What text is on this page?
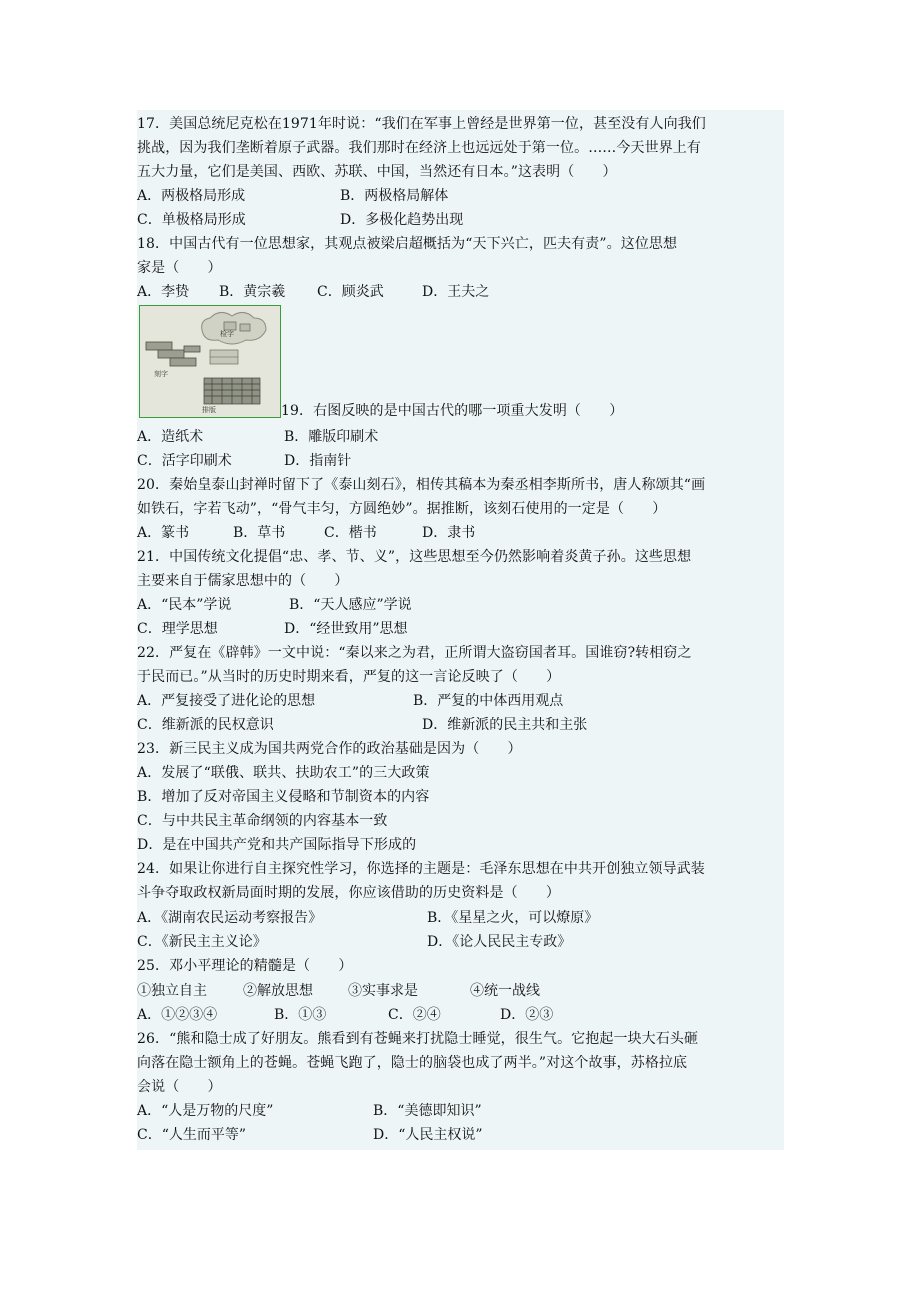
17．美国总统尼克松在1971年时说：“我们在军事上曾经是世界第一位，甚至没有人向我们
挑战，因为我们垄断着原子武器。我们那时在经济上也远远处于第一位。……今天世界上有
五大力量，它们是美国、西欧、苏联、中国，当然还有日本。”这表明（　　）
A．两极格局形成	B．两极格局解体
C．单极格局形成	D．多极化趋势出现
18．中国古代有一位思想家，其观点被梁启超概括为“天下兴亡，匹夫有责”。这位思想
家是（　　）
A．李贽 B．黄宗羲 C．顾炎武	D．王夫之
排版
检字
刻字
19．右图反映的是中国古代的哪一项重大发明（　　）
A．造纸术	B．雕版印刷术
C．活字印刷术	D．指南针
20．秦始皇泰山封禅时留下了《泰山刻石》，相传其稿本为秦丞相李斯所书，唐人称颂其“画
如铁石，字若飞动”，“骨气丰匀，方圆绝妙”。据推断，该刻石使用的一定是（　　）
A．篆书	B．草书	C．楷书	D．隶书
21．中国传统文化提倡“忠、孝、节、义”，这些思想至今仍然影响着炎黄子孙。这些思想
主要来自于儒家思想中的（　　）
A．“民本”学说	B．“天人感应”学说
C．理学思想	D．“经世致用”思想
22．严复在《辟韩》一文中说：“秦以来之为君，正所谓大盗窃国者耳。国谁窃?转相窃之
于民而已。”从当时的历史时期来看，严复的这一言论反映了（　　）
A．严复接受了进化论的思想	B．严复的中体西用观点
C．维新派的民权意识	D．维新派的民主共和主张
23．新三民主义成为国共两党合作的政治基础是因为（　　）
A．发展了“联俄、联共、扶助农工”的三大政策
B．增加了反对帝国主义侵略和节制资本的内容
C．与中共民主革命纲领的内容基本一致
D．是在中国共产党和共产国际指导下形成的
24．如果让你进行自主探究性学习，你选择的主题是：毛泽东思想在中共开创独立领导武装
斗争夺取政权新局面时期的发展，你应该借助的历史资料是（　　）
A．《湖南农民运动考察报告》	B．《星星之火，可以燎原》
C．《新民主主义论》	D．《论人民民主专政》
25．邓小平理论的精髓是（　　）
①独立自主	②解放思想	③实事求是	④统一战线
A．①②③④	B．①③	C．②④	D．②③
26．“熊和隐士成了好朋友。熊看到有苍蝇来打扰隐士睡觉，很生气。它抱起一块大石头砸
向落在隐士额角上的苍蝇。苍蝇飞跑了，隐士的脑袋也成了两半。”对这个故事，苏格拉底
会说（　　）
A．“人是万物的尺度”	B．“美德即知识”
C．“人生而平等”	D．“人民主权说”
